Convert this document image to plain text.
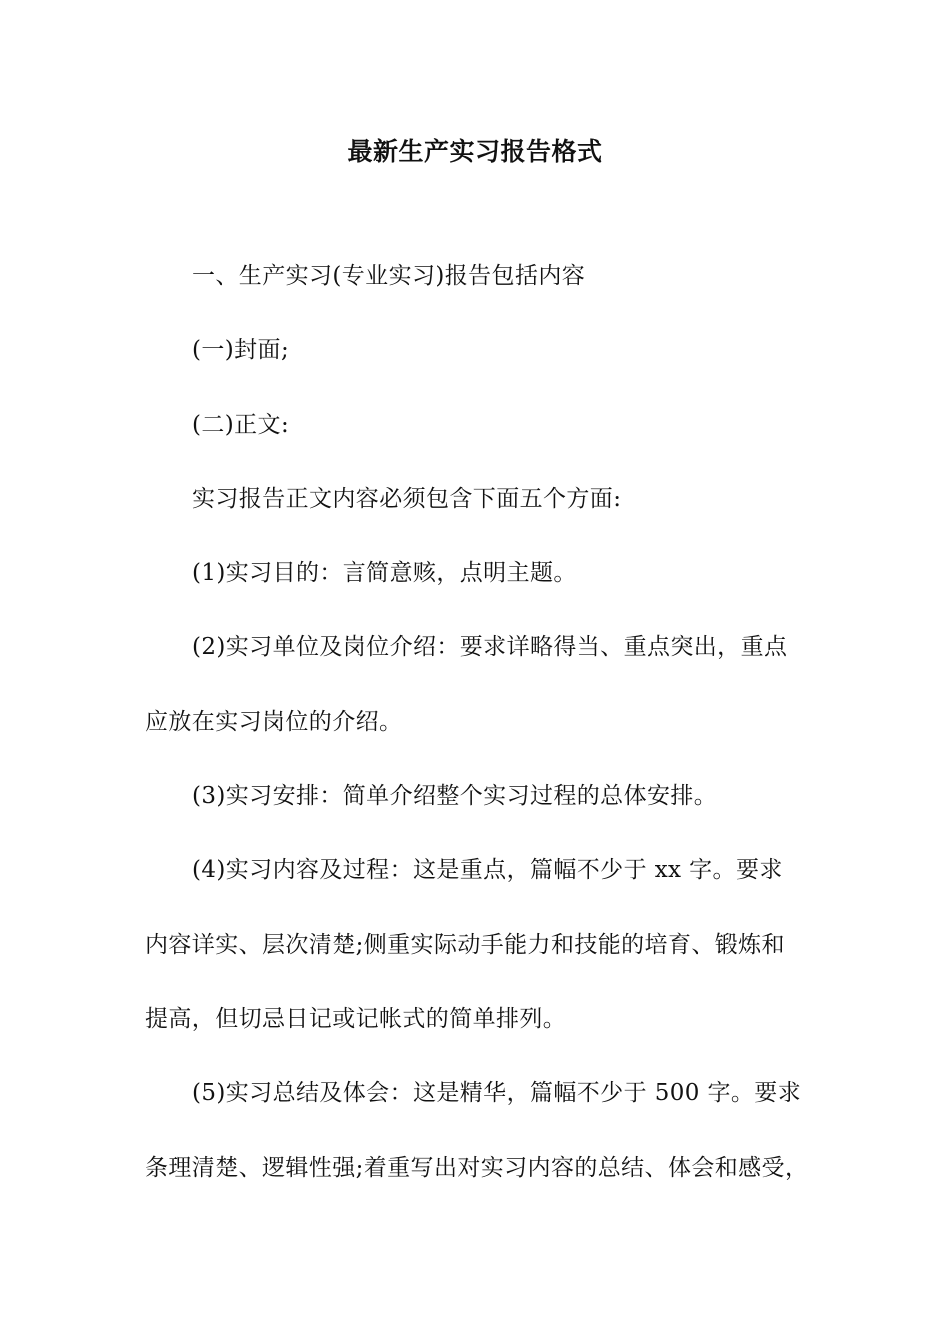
最新生产实习报告格式
一、生产实习(专业实习)报告包括内容
(一)封面;
(二)正文:
实习报告正文内容必须包含下面五个方面:
(1)实习目的：言简意赅，点明主题。
(2)实习单位及岗位介绍：要求详略得当、重点突出，重点
应放在实习岗位的介绍。
(3)实习安排：简单介绍整个实习过程的总体安排。
(4)实习内容及过程：这是重点，篇幅不少于 xx 字。要求
内容详实、层次清楚;侧重实际动手能力和技能的培育、锻炼和
提高，但切忌日记或记帐式的简单排列。
(5)实习总结及体会：这是精华，篇幅不少于 500 字。要求
条理清楚、逻辑性强;着重写出对实习内容的总结、体会和感受，
